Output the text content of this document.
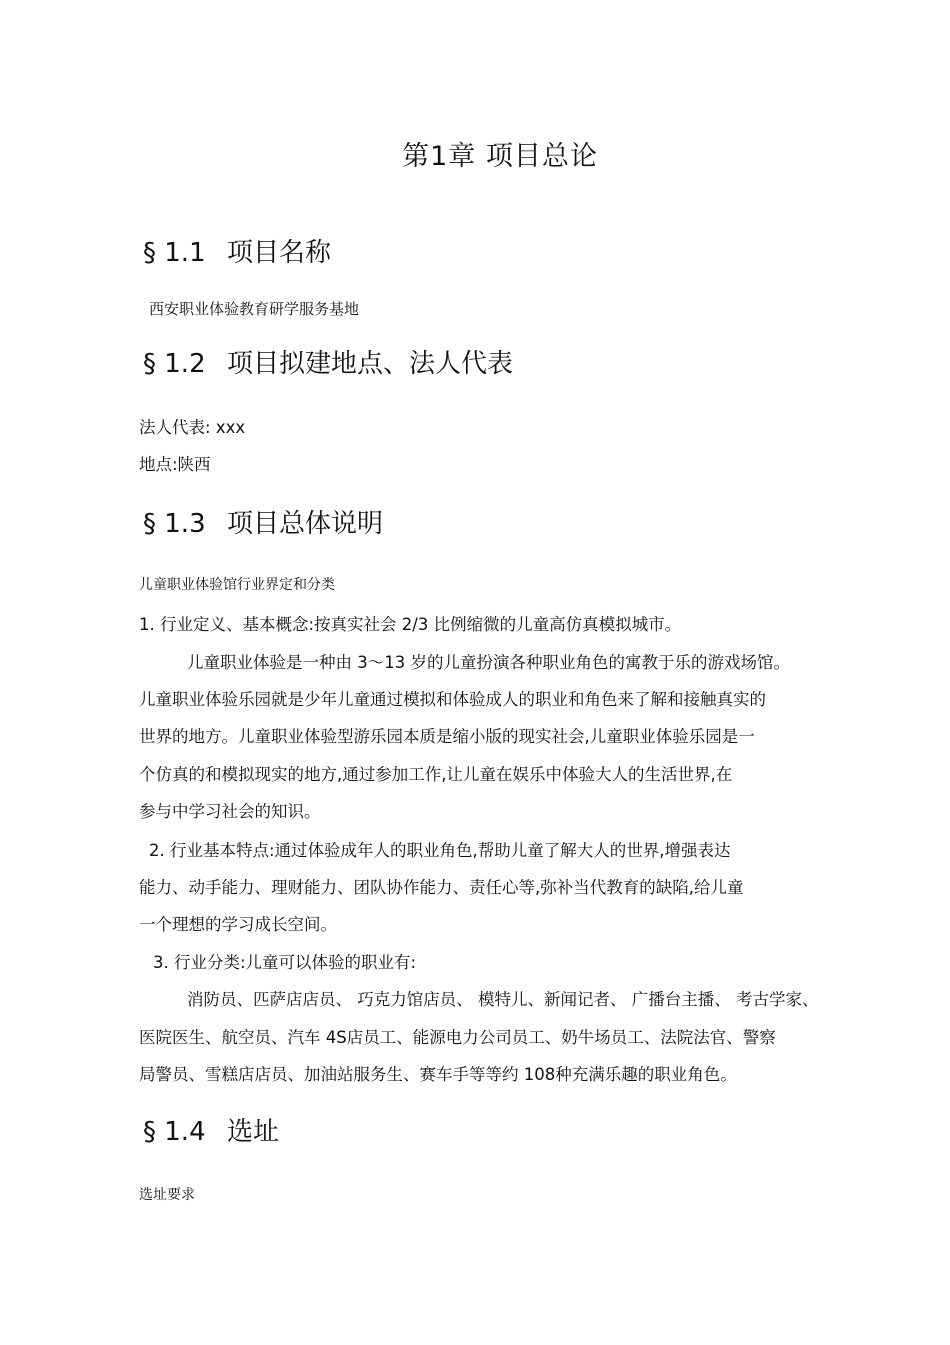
第1章 项目总论
§ 1.1 项目名称

西安职业体验教育研学服务基地

§ 1.2 项目拟建地点、法人代表

法人代表: xxx

地点:陕西

§ 1.3 项目总体说明

儿童职业体验馆行业界定和分类

1. 行业定义、基本概念:按真实社会 2/3 比例缩微的儿童高仿真模拟城市。

儿童职业体验是一种由 3～13 岁的儿童扮演各种职业角色的寓教于乐的游戏场馆。

儿童职业体验乐园就是少年儿童通过模拟和体验成人的职业和角色来了解和接触真实的

世界的地方。儿童职业体验型游乐园本质是缩小版的现实社会,儿童职业体验乐园是一

个仿真的和模拟现实的地方,通过参加工作,让儿童在娱乐中体验大人的生活世界,在

参与中学习社会的知识。

2. 行业基本特点:通过体验成年人的职业角色,帮助儿童了解大人的世界,增强表达

能力、动手能力、理财能力、团队协作能力、责任心等,弥补当代教育的缺陷,给儿童

一个理想的学习成长空间。

3. 行业分类:儿童可以体验的职业有:

消防员、匹萨店店员、 巧克力馆店员、 模特儿、新闻记者、 广播台主播、 考古学家、

医院医生、航空员、汽车 4S店员工、能源电力公司员工、奶牛场员工、法院法官、警察

局警员、雪糕店店员、加油站服务生、赛车手等等约 108种充满乐趣的职业角色。

§ 1.4 选址

选址要求
